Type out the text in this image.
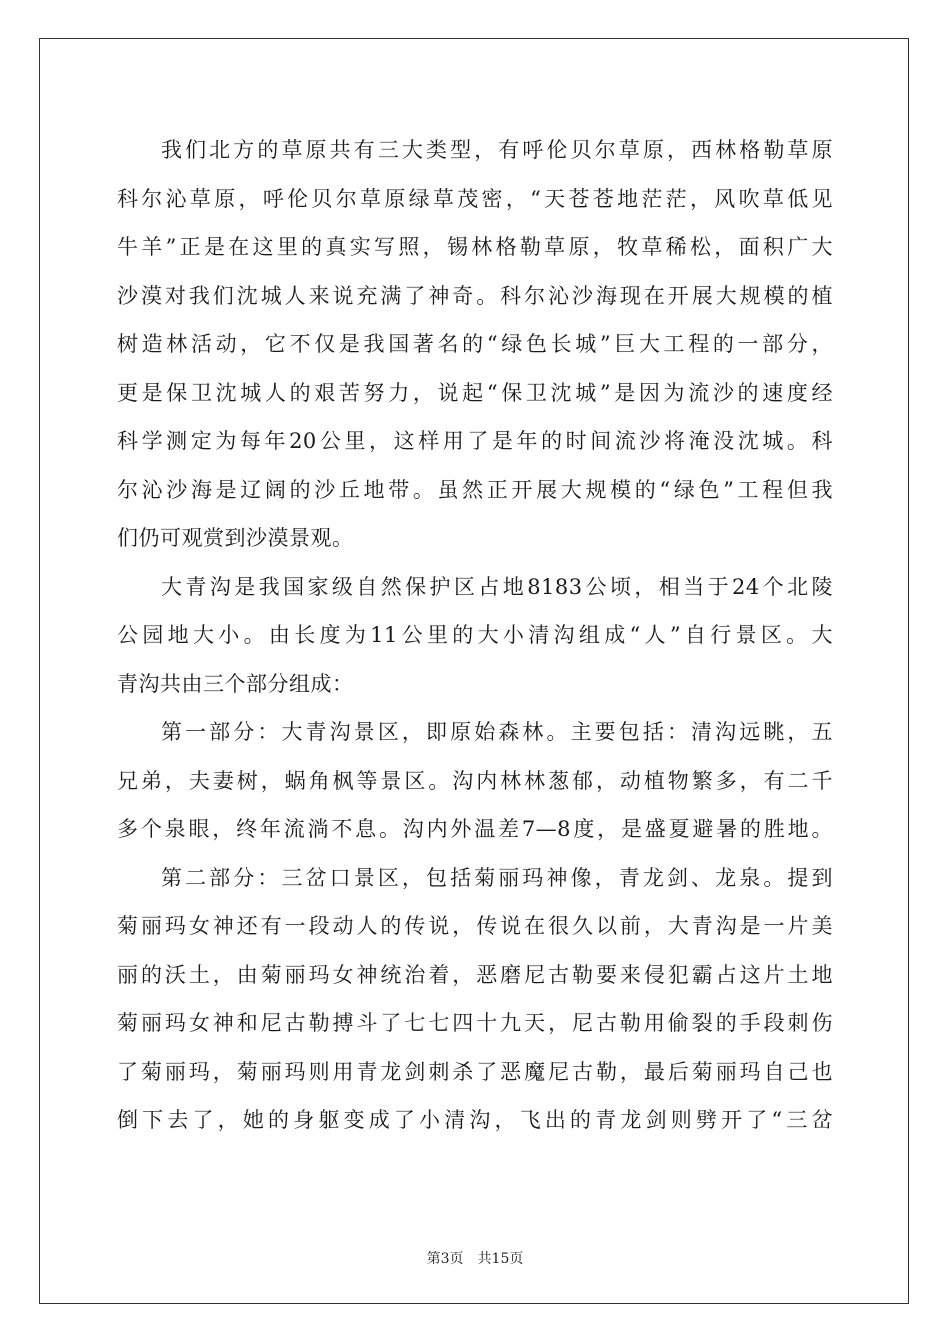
我们北方的草原共有三大类型，有呼伦贝尔草原，西林格勒草原
科尔沁草原，呼伦贝尔草原绿草茂密，“天苍苍地茫茫，风吹草低见
牛羊”正是在这里的真实写照，锡林格勒草原，牧草稀松，面积广大
沙漠对我们沈城人来说充满了神奇。科尔沁沙海现在开展大规模的植
树造林活动，它不仅是我国著名的“绿色长城”巨大工程的一部分，
更是保卫沈城人的艰苦努力，说起“保卫沈城”是因为流沙的速度经
科学测定为每年20公里，这样用了是年的时间流沙将淹没沈城。科
尔沁沙海是辽阔的沙丘地带。虽然正开展大规模的“绿色”工程但我
们仍可观赏到沙漠景观。
大青沟是我国家级自然保护区占地8183公顷，相当于24个北陵
公园地大小。由长度为11公里的大小清沟组成“人”自行景区。大
青沟共由三个部分组成：
第一部分：大青沟景区，即原始森林。主要包括：清沟远眺，五
兄弟，夫妻树，蜗角枫等景区。沟内林林葱郁，动植物繁多，有二千
多个泉眼，终年流淌不息。沟内外温差7—8度，是盛夏避暑的胜地。
第二部分：三岔口景区，包括菊丽玛神像，青龙剑、龙泉。提到
菊丽玛女神还有一段动人的传说，传说在很久以前，大青沟是一片美
丽的沃土，由菊丽玛女神统治着，恶磨尼古勒要来侵犯霸占这片土地
菊丽玛女神和尼古勒搏斗了七七四十九天，尼古勒用偷裂的手段刺伤
了菊丽玛，菊丽玛则用青龙剑刺杀了恶魔尼古勒，最后菊丽玛自己也
倒下去了，她的身躯变成了小清沟，飞出的青龙剑则劈开了“三岔
第3页　共15页
